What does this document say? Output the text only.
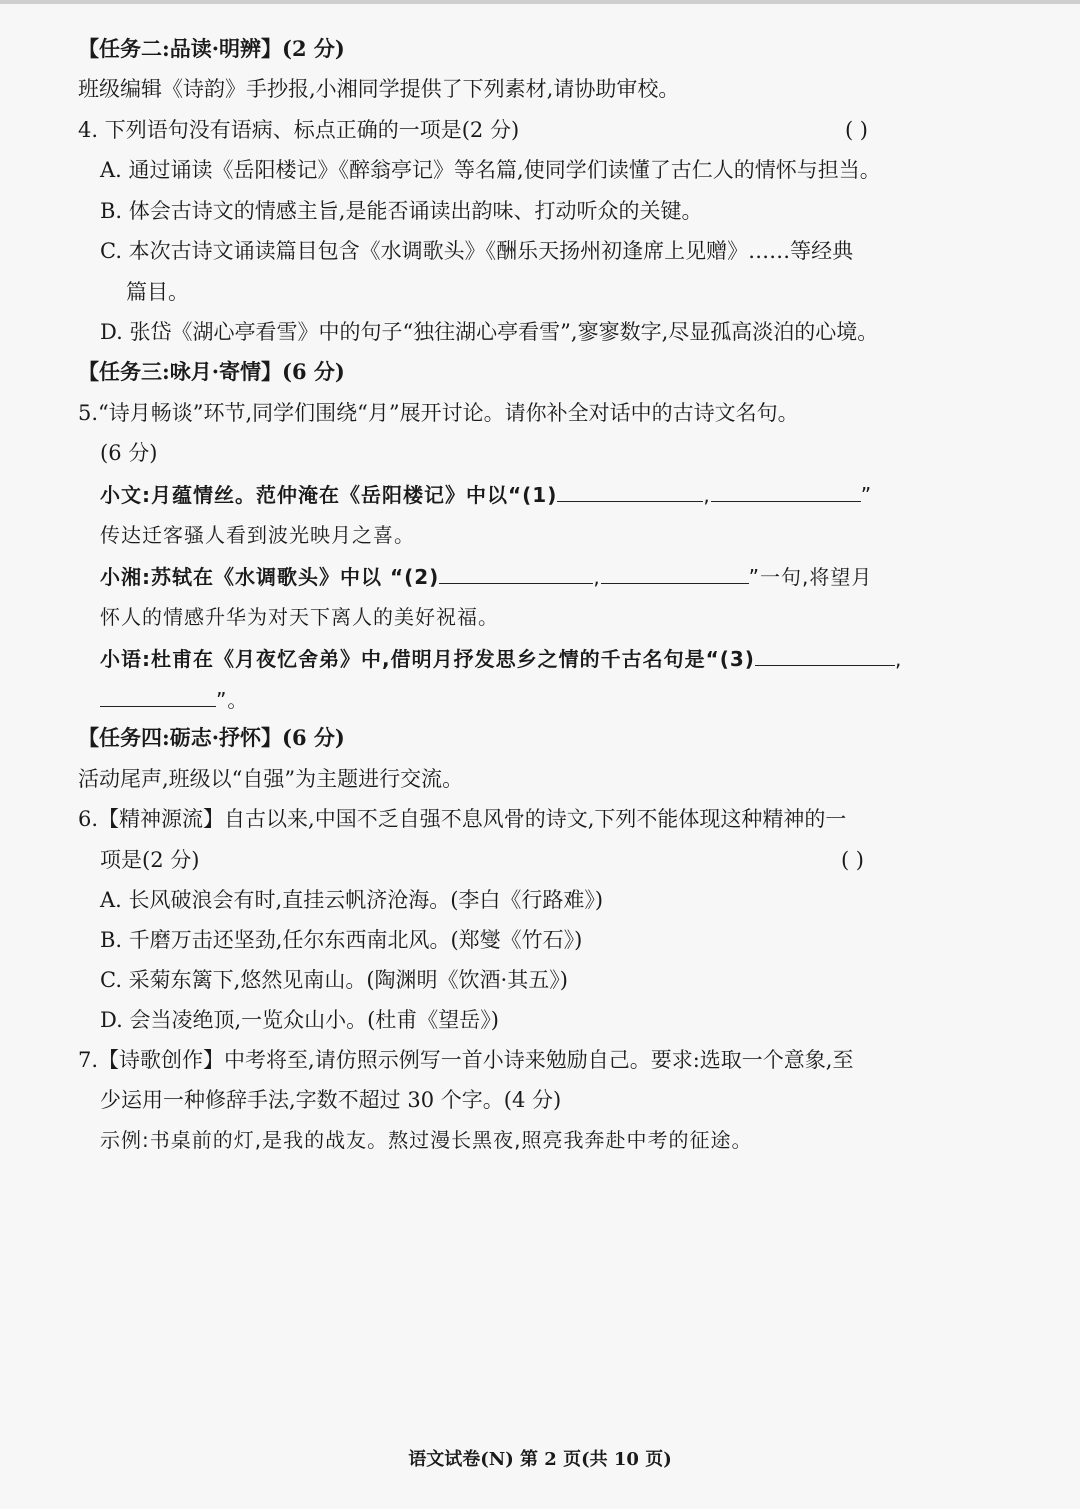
【任务二:品读·明辨】(2 分)
班级编辑《诗韵》手抄报,小湘同学提供了下列素材,请协助审校。
4. 下列语句没有语病、标点正确的一项是(2 分)	( )
A. 通过诵读《岳阳楼记》《醉翁亭记》等名篇,使同学们读懂了古仁人的情怀与担当。
B. 体会古诗文的情感主旨,是能否诵读出韵味、打动听众的关键。
C. 本次古诗文诵读篇目包含《水调歌头》《酬乐天扬州初逢席上见赠》……等经典
篇目。
D. 张岱《湖心亭看雪》中的句子“独往湖心亭看雪”,寥寥数字,尽显孤高淡泊的心境。
【任务三:咏月·寄情】(6 分)
5.“诗月畅谈”环节,同学们围绕“月”展开讨论。请你补全对话中的古诗文名句。
(6 分)
小文:月蕴情丝。范仲淹在《岳阳楼记》中以“(1)	,	”
传达迁客骚人看到波光映月之喜。
小湘:苏轼在《水调歌头》中以 “(2)	,	”一句,将望月
怀人的情感升华为对天下离人的美好祝福。
小语:杜甫在《月夜忆舍弟》中,借明月抒发思乡之情的千古名句是“(3)	,
”。
【任务四:砺志·抒怀】(6 分)
活动尾声,班级以“自强”为主题进行交流。
6.【精神源流】自古以来,中国不乏自强不息风骨的诗文,下列不能体现这种精神的一
项是(2 分)	( )
A. 长风破浪会有时,直挂云帆济沧海。(李白《行路难》)
B. 千磨万击还坚劲,任尔东西南北风。(郑燮《竹石》)
C. 采菊东篱下,悠然见南山。(陶渊明《饮酒·其五》)
D. 会当凌绝顶,一览众山小。(杜甫《望岳》)
7.【诗歌创作】中考将至,请仿照示例写一首小诗来勉励自己。要求:选取一个意象,至
少运用一种修辞手法,字数不超过 30 个字。(4 分)
示例:书桌前的灯,是我的战友。熬过漫长黑夜,照亮我奔赴中考的征途。
语文试卷(N) 第 2 页(共 10 页)
